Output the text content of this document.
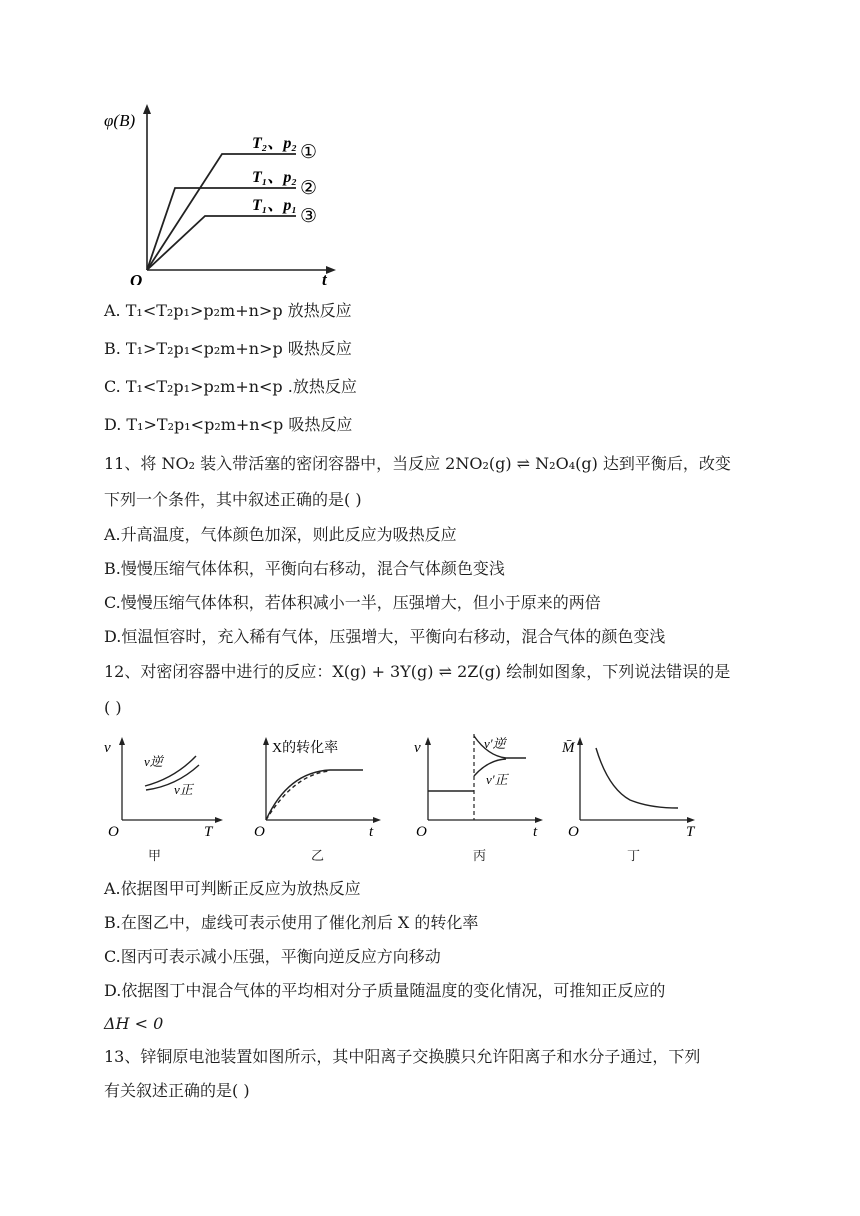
φ(B)
t
O
T₂、p₂ ①
T₁、p₂
②
T₁、p₁
③
A. T₁<T₂p₁>p₂m+n>p 放热反应
B. T₁>T₂p₁<p₂m+n>p 吸热反应
C. T₁<T₂p₁>p₂m+n<p .放热反应
D. T₁>T₂p₁<p₂m+n<p 吸热反应
11、将 NO₂ 装入带活塞的密闭容器中，当反应 2NO₂(g) ⇌ N₂O₄(g) 达到平衡后，改变
下列一个条件，其中叙述正确的是( )
A.升高温度，气体颜色加深，则此反应为吸热反应
B.慢慢压缩气体体积，平衡向右移动，混合气体颜色变浅
C.慢慢压缩气体体积，若体积减小一半，压强增大，但小于原来的两倍
D.恒温恒容时，充入稀有气体，压强增大，平衡向右移动，混合气体的颜色变浅
12、对密闭容器中进行的反应：X(g) + 3Y(g) ⇌ 2Z(g) 绘制如图象，下列说法错误的是
( )
v
T
O
v逆
v正
X的转化率
t
O
v
t
O
v′逆
v′正
M̄
T
O
甲	乙	丙	丁
A.依据图甲可判断正反应为放热反应
B.在图乙中，虚线可表示使用了催化剂后 X 的转化率
C.图丙可表示减小压强，平衡向逆反应方向移动
D.依据图丁中混合气体的平均相对分子质量随温度的变化情况，可推知正反应的
ΔH < 0
13、锌铜原电池装置如图所示，其中阳离子交换膜只允许阳离子和水分子通过，下列
有关叙述正确的是( )
